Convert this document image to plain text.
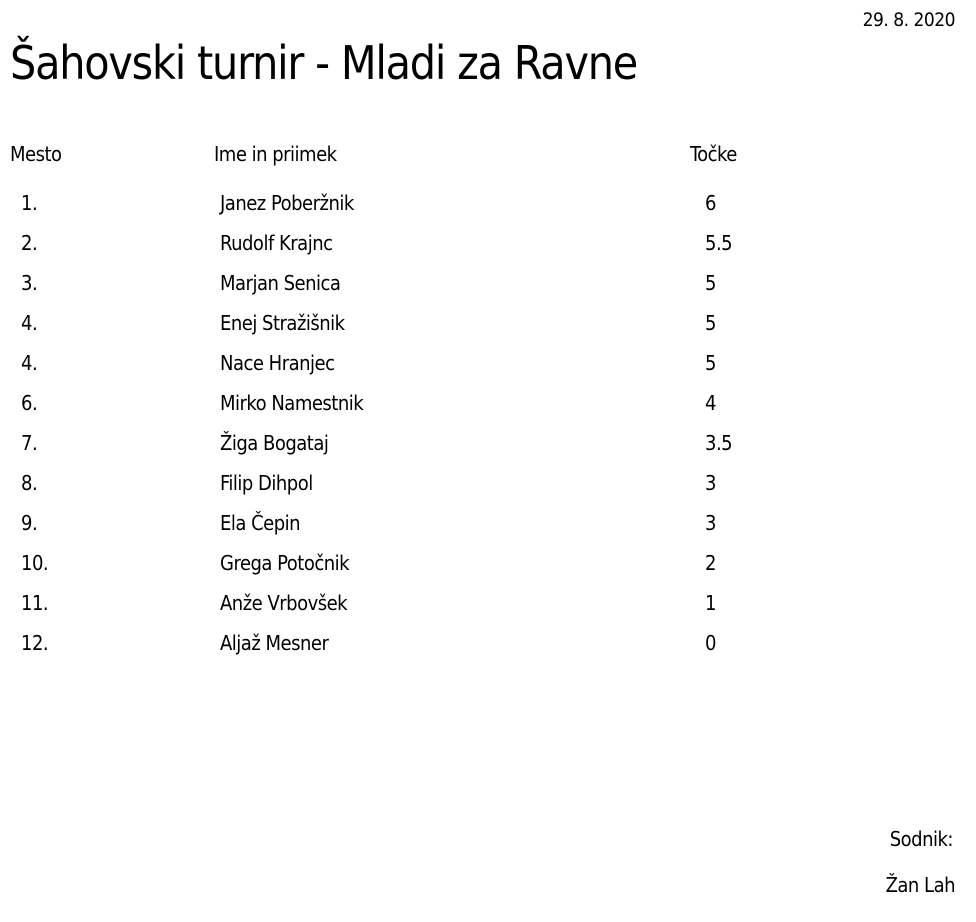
29. 8. 2020
Šahovski turnir - Mladi za Ravne
Mesto	Ime in priimek	Točke
1.	Janez Poberžnik	6
2.	Rudolf Krajnc	5.5
3.	Marjan Senica	5
4.	Enej Stražišnik	5
4.	Nace Hranjec	5
6.	Mirko Namestnik	4
7.	Žiga Bogataj	3.5
8.	Filip Dihpol	3
9.	Ela Čepin	3
10.	Grega Potočnik	2
11.	Anže Vrbovšek	1
12.	Aljaž Mesner	0
Sodnik:
Žan Lah
